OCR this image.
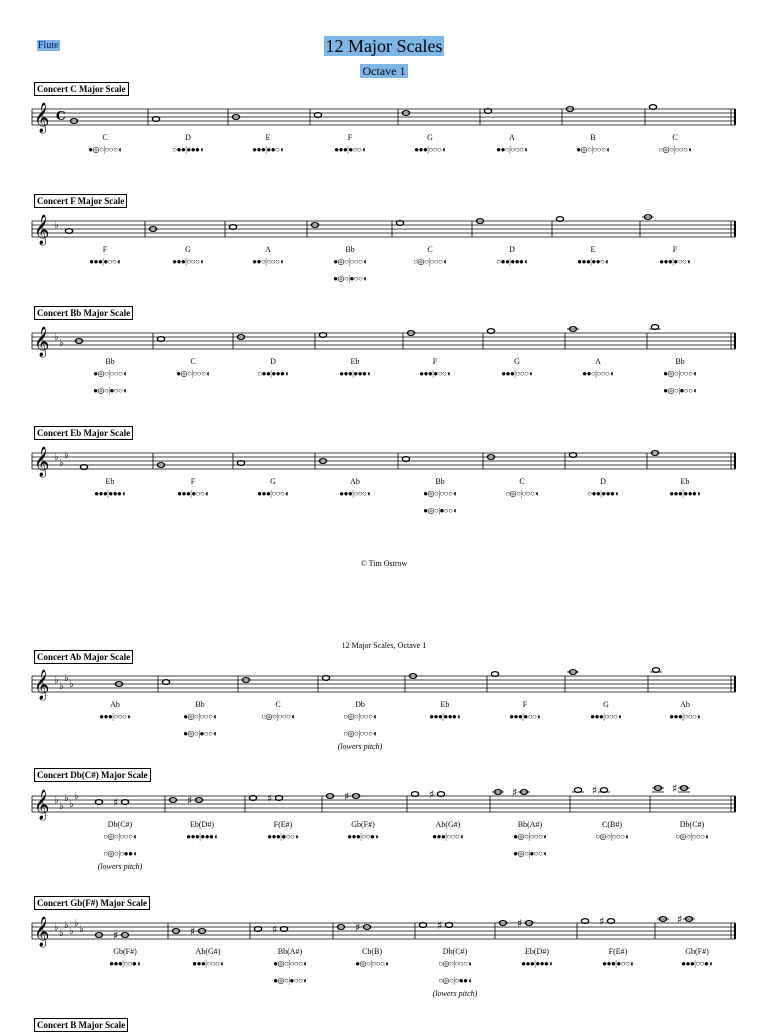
Flute	12 Major Scales
Octave 1
© Tim Ostrow
12 Major Scales, Octave 1
Concert C Major Scale
𝄞 C
C
●◎○|○○○◖
D
○●●|●●●◖
E
●●●|●●○◖
F
●●●|●○○◖
G
●●●|○○○◖
A
●●○|○○○◖
B
●◎○|○○○◖
C
○◎○|○○○◖
Concert F Major Scale
𝄞 ♭
F
●●●|●○○◖
G
●●●|○○○◖
A
●●○|○○○◖
Bb
●◎○|○○○◖
●◎○|●○○◖
C
○◎○|○○○◖
D
○●●|●●●◖
E
●●●|●●○◖
F
●●●|●○○◖
Concert Bb Major Scale
𝄞 ♭
♭
Bb
●◎○|○○○◖
●◎○|●○○◖
C
●◎○|○○○◖
D
○●●|●●●◖
Eb
●●●|●●●◖
F
●●●|●○○◖
G
●●●|○○○◖
A
●●○|○○○◖
Bb
●◎○|○○○◖
●◎○|●○○◖
Concert Eb Major Scale
𝄞 ♭
♭
♭
Eb
●●●|●●●◖
F
●●●|●○○◖
G
●●●|○○○◖
Ab
●●●|○○○◖
Bb
●◎○|○○○◖
●◎○|●○○◖
C
○◎○|○○○◖
D
○●●|●●●◖
Eb
●●●|●●●◖
Concert Ab Major Scale
𝄞 ♭
♭
♭
♭
Ab
●●●|○○○◖
Bb
●◎○|○○○◖
●◎○|●○○◖
C
○◎○|○○○◖
Db
○◎○|○○○◖
○◎○|○○○◖
(lowers pitch)
Eb
●●●|●●●◖
F
●●●|●○○◖
G
●●●|○○○◖
Ab
●●●|○○○◖
Concert Db(C#) Major Scale
𝄞 ♭
♭
♭
♭
♭	♯	♯	♯	♯	♯	♯	♯	♯
Db(C#)
○◎○|○○○◖
○◎○|○●●◖
(lowers pitch)
Eb(D#)
●●●|●●●◖
F(E#)
●●●|●○○◖
Gb(F#)
●●●|○○●◖
Ab(G#)
●●●|○○○◖
Bb(A#)
●◎○|○○○◖
●◎○|●○○◖
C(B#)
○◎○|○○○◖
Db(C#)
○◎○|○○○◖
Concert Gb(F#) Major Scale
𝄞 ♭
♭
♭
♭
♭
♭	♯	♯	♯	♯	♯	♯	♯	♯
Gb(F#)
●●●|○○●◖
Ab(G#)
●●●|○○○◖
Bb(A#)
●◎○|○○○◖
●◎○|●○○◖
Cb(B)
●◎○|○○○◖
Db(C#)
○◎○|○○○◖
○◎○|○●●◖
(lowers pitch)
Eb(D#)
●●●|●●●◖
F(E#)
●●●|●○○◖
Gb(F#)
●●●|○○●◖
Concert B Major Scale
